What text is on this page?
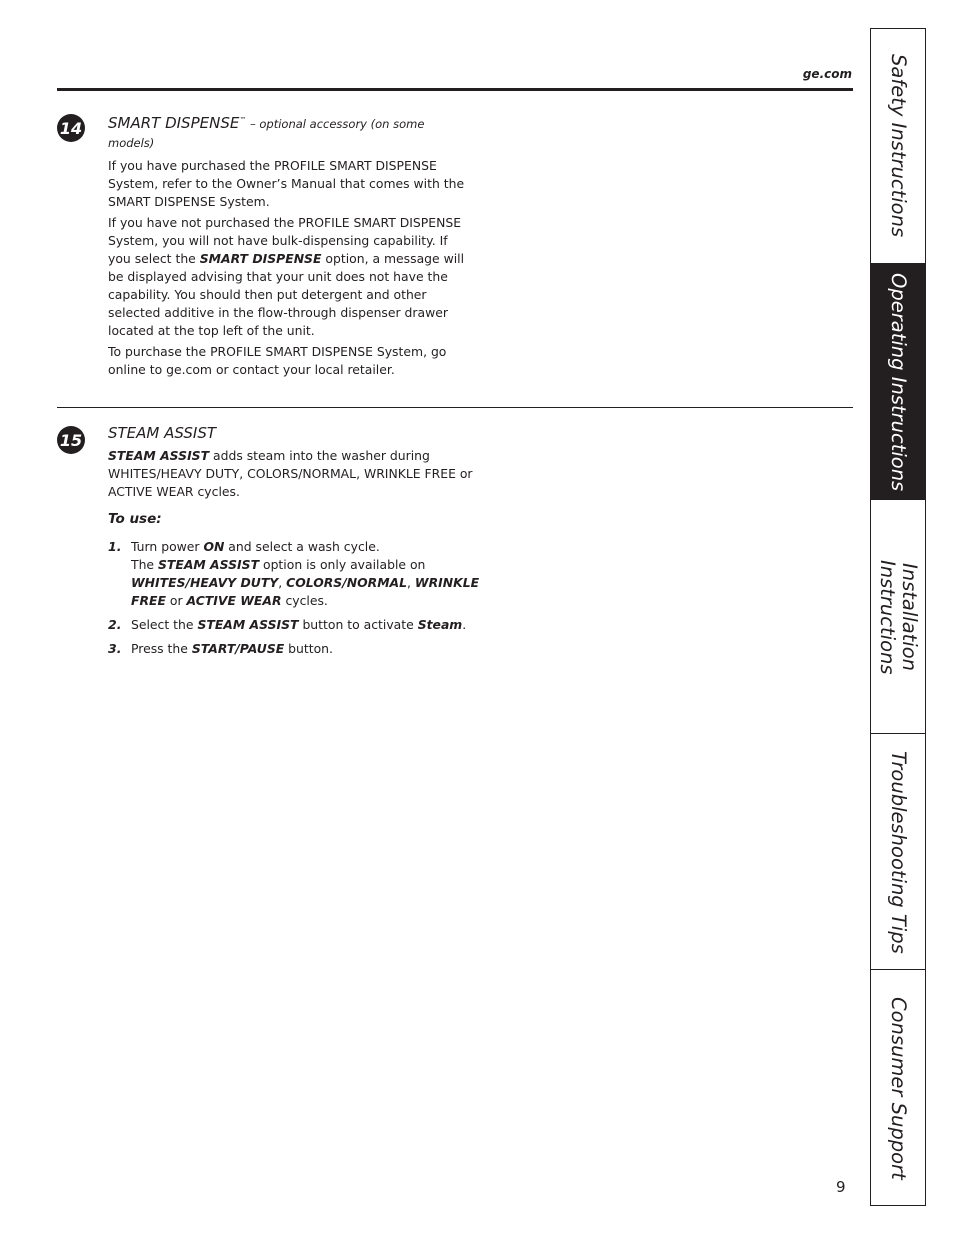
ge.com
14 SMART DISPENSE™ – optional accessory (on some models)

If you have purchased the PROFILE SMART DISPENSE System, refer to the Owner’s Manual that comes with the SMART DISPENSE System.

If you have not purchased the PROFILE SMART DISPENSE System, you will not have bulk-dispensing capability. If you select the SMART DISPENSE option, a message will be displayed advising that your unit does not have the capability. You should then put detergent and other selected additive in the flow-through dispenser drawer located at the top left of the unit.

To purchase the PROFILE SMART DISPENSE System, go online to ge.com or contact your local retailer.

15 STEAM ASSIST

STEAM ASSIST adds steam into the washer during WHITES/HEAVY DUTY, COLORS/NORMAL, WRINKLE FREE or ACTIVE WEAR cycles.

To use:
1. Turn power ON and select a wash cycle.
The STEAM ASSIST option is only available on WHITES/HEAVY DUTY, COLORS/NORMAL, WRINKLE FREE or ACTIVE WEAR cycles.
2. Select the STEAM ASSIST button to activate Steam.
3. Press the START/PAUSE button.
9
Safety Instructions
Operating Instructions
Installation
Instructions
Troubleshooting Tips
Consumer Support
